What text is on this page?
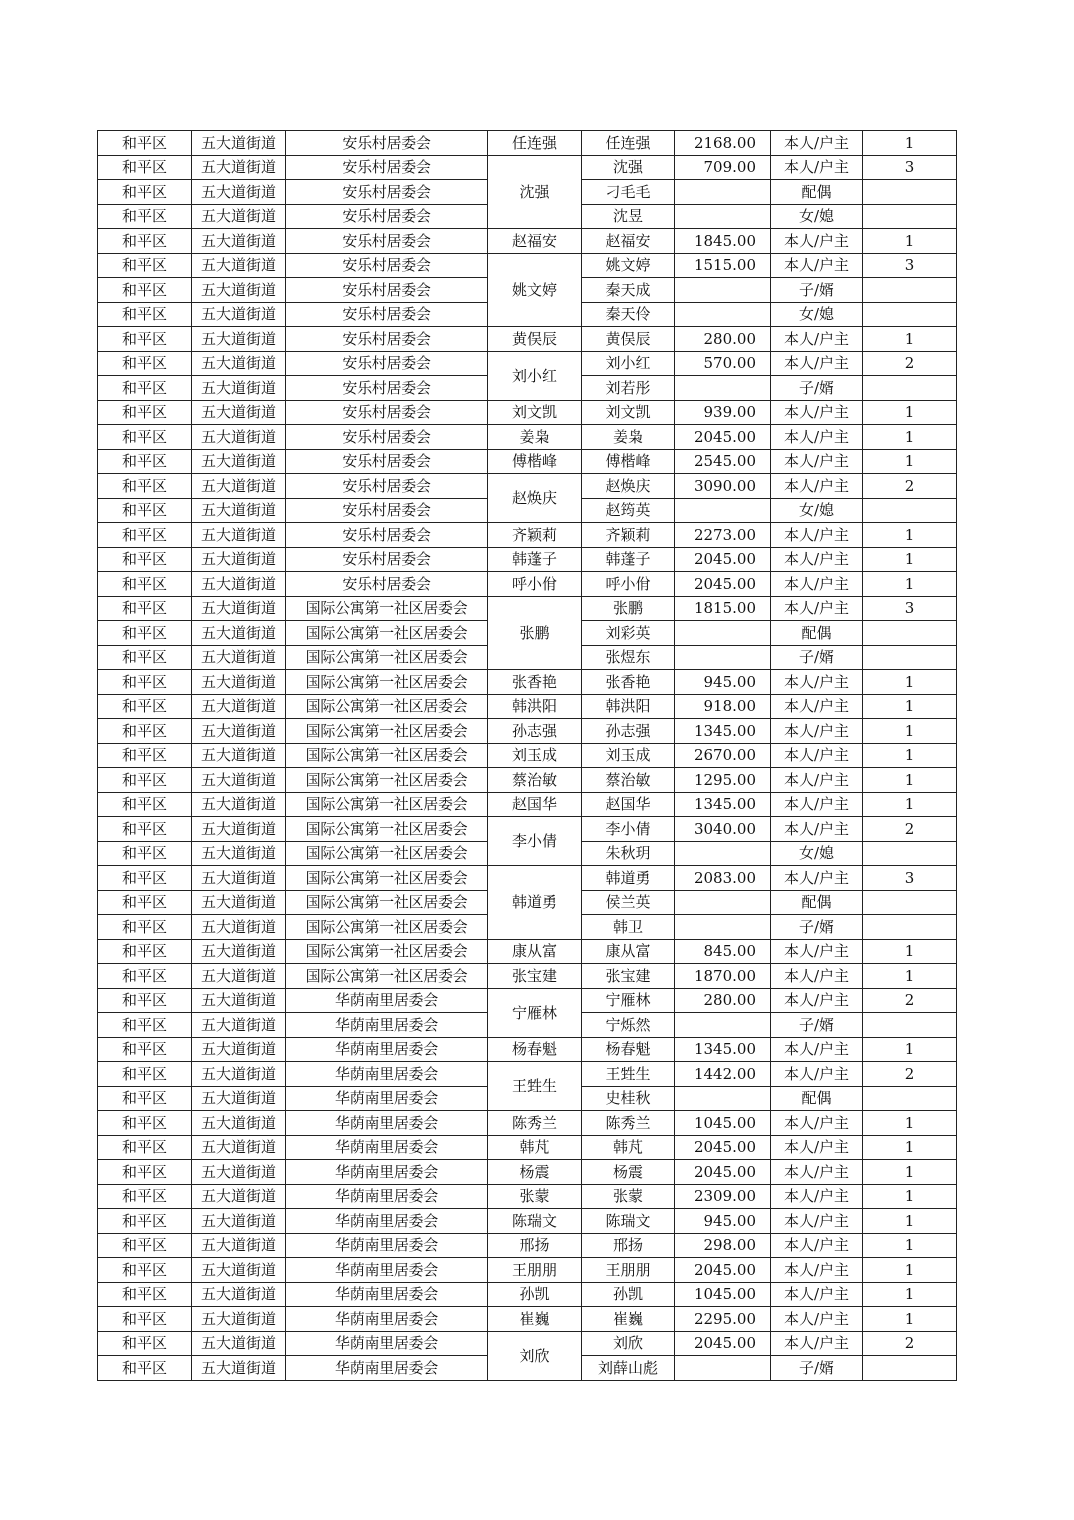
和平区	五大道街道	安乐村居委会	任连强	任连强	2168.00	本人/户主	1
和平区	五大道街道	安乐村居委会	沈强	沈强	709.00	本人/户主	3
和平区	五大道街道	安乐村居委会		刁毛毛		配偶	
和平区	五大道街道	安乐村居委会		沈昱		女/媳	
和平区	五大道街道	安乐村居委会	赵福安	赵福安	1845.00	本人/户主	1
和平区	五大道街道	安乐村居委会	姚文婷	姚文婷	1515.00	本人/户主	3
和平区	五大道街道	安乐村居委会		秦天成		子/婿	
和平区	五大道街道	安乐村居委会		秦天伶		女/媳	
和平区	五大道街道	安乐村居委会	黄俣辰	黄俣辰	280.00	本人/户主	1
和平区	五大道街道	安乐村居委会	刘小红	刘小红	570.00	本人/户主	2
和平区	五大道街道	安乐村居委会		刘若彤		子/婿	
和平区	五大道街道	安乐村居委会	刘文凯	刘文凯	939.00	本人/户主	1
和平区	五大道街道	安乐村居委会	姜枭	姜枭	2045.00	本人/户主	1
和平区	五大道街道	安乐村居委会	傅楷峰	傅楷峰	2545.00	本人/户主	1
和平区	五大道街道	安乐村居委会	赵焕庆	赵焕庆	3090.00	本人/户主	2
和平区	五大道街道	安乐村居委会		赵筠英		女/媳	
和平区	五大道街道	安乐村居委会	齐颖莉	齐颖莉	2273.00	本人/户主	1
和平区	五大道街道	安乐村居委会	韩蓬子	韩蓬子	2045.00	本人/户主	1
和平区	五大道街道	安乐村居委会	呼小佾	呼小佾	2045.00	本人/户主	1
和平区	五大道街道	国际公寓第一社区居委会	张鹏	张鹏	1815.00	本人/户主	3
和平区	五大道街道	国际公寓第一社区居委会		刘彩英		配偶	
和平区	五大道街道	国际公寓第一社区居委会		张煜东		子/婿	
和平区	五大道街道	国际公寓第一社区居委会	张香艳	张香艳	945.00	本人/户主	1
和平区	五大道街道	国际公寓第一社区居委会	韩洪阳	韩洪阳	918.00	本人/户主	1
和平区	五大道街道	国际公寓第一社区居委会	孙志强	孙志强	1345.00	本人/户主	1
和平区	五大道街道	国际公寓第一社区居委会	刘玉成	刘玉成	2670.00	本人/户主	1
和平区	五大道街道	国际公寓第一社区居委会	蔡治敏	蔡治敏	1295.00	本人/户主	1
和平区	五大道街道	国际公寓第一社区居委会	赵国华	赵国华	1345.00	本人/户主	1
和平区	五大道街道	国际公寓第一社区居委会	李小倩	李小倩	3040.00	本人/户主	2
和平区	五大道街道	国际公寓第一社区居委会		朱秋玥		女/媳	
和平区	五大道街道	国际公寓第一社区居委会	韩道勇	韩道勇	2083.00	本人/户主	3
和平区	五大道街道	国际公寓第一社区居委会		侯兰英		配偶	
和平区	五大道街道	国际公寓第一社区居委会		韩卫		子/婿	
和平区	五大道街道	国际公寓第一社区居委会	康从富	康从富	845.00	本人/户主	1
和平区	五大道街道	国际公寓第一社区居委会	张宝建	张宝建	1870.00	本人/户主	1
和平区	五大道街道	华荫南里居委会	宁雁林	宁雁林	280.00	本人/户主	2
和平区	五大道街道	华荫南里居委会		宁烁然		子/婿	
和平区	五大道街道	华荫南里居委会	杨春魁	杨春魁	1345.00	本人/户主	1
和平区	五大道街道	华荫南里居委会	王甡生	王甡生	1442.00	本人/户主	2
和平区	五大道街道	华荫南里居委会		史桂秋		配偶	
和平区	五大道街道	华荫南里居委会	陈秀兰	陈秀兰	1045.00	本人/户主	1
和平区	五大道街道	华荫南里居委会	韩芃	韩芃	2045.00	本人/户主	1
和平区	五大道街道	华荫南里居委会	杨震	杨震	2045.00	本人/户主	1
和平区	五大道街道	华荫南里居委会	张蒙	张蒙	2309.00	本人/户主	1
和平区	五大道街道	华荫南里居委会	陈瑞文	陈瑞文	945.00	本人/户主	1
和平区	五大道街道	华荫南里居委会	邢扬	邢扬	298.00	本人/户主	1
和平区	五大道街道	华荫南里居委会	王朋朋	王朋朋	2045.00	本人/户主	1
和平区	五大道街道	华荫南里居委会	孙凯	孙凯	1045.00	本人/户主	1
和平区	五大道街道	华荫南里居委会	崔巍	崔巍	2295.00	本人/户主	1
和平区	五大道街道	华荫南里居委会	刘欣	刘欣	2045.00	本人/户主	2
和平区	五大道街道	华荫南里居委会		刘薛山彪		子/婿	
